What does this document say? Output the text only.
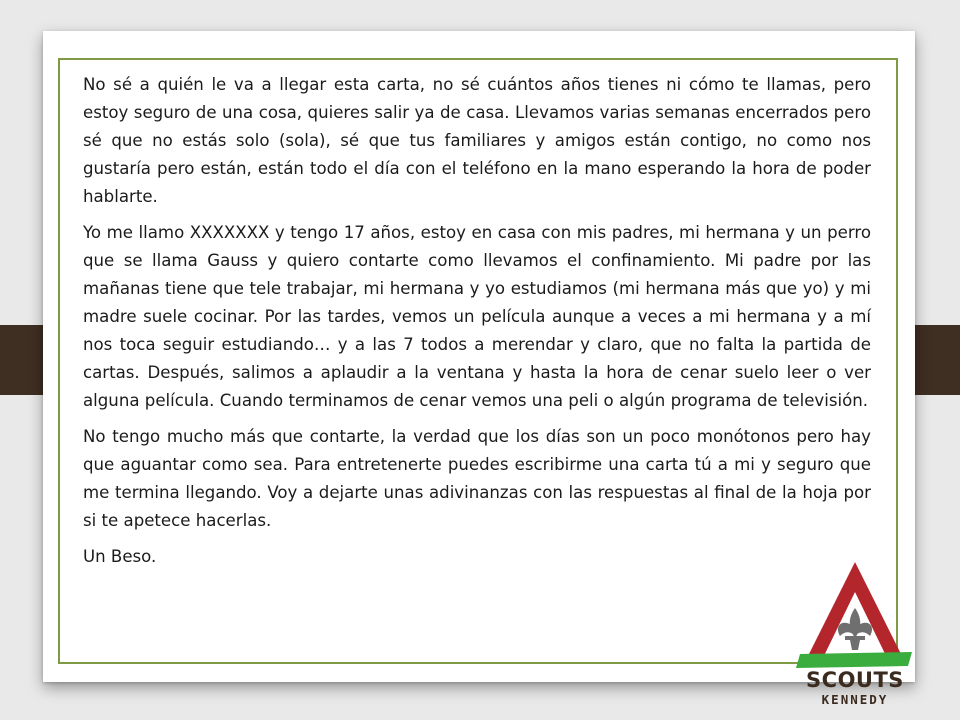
No sé a quién le va a llegar esta carta, no sé cuántos años tienes ni cómo te llamas, pero estoy seguro de una cosa, quieres salir ya de casa. Llevamos varias semanas encerrados pero sé que no estás solo (sola), sé que tus familiares y amigos están contigo, no como nos gustaría pero están, están todo el día con el teléfono en la mano esperando la hora de poder hablarte.

Yo me llamo XXXXXXX y tengo 17 años, estoy en casa con mis padres, mi hermana y un perro que se llama Gauss y quiero contarte como llevamos el confinamiento. Mi padre por las mañanas tiene que tele trabajar, mi hermana y yo estudiamos (mi hermana más que yo) y mi madre suele cocinar. Por las tardes, vemos un película aunque a veces a mi hermana y a mí nos toca seguir estudiando… y a las 7 todos a merendar y claro, que no falta la partida de cartas. Después, salimos a aplaudir a la ventana y hasta la hora de cenar suelo leer o ver alguna película. Cuando terminamos de cenar vemos una peli o algún programa de televisión.

No tengo mucho más que contarte, la verdad que los días son un poco monótonos pero hay que aguantar como sea. Para entretenerte puedes escribirme una carta tú a mi y seguro que me termina llegando. Voy a dejarte unas adivinanzas con las respuestas al final de la hoja por si te apetece hacerlas.

Un Beso.

SCOUTS
KENNEDY
